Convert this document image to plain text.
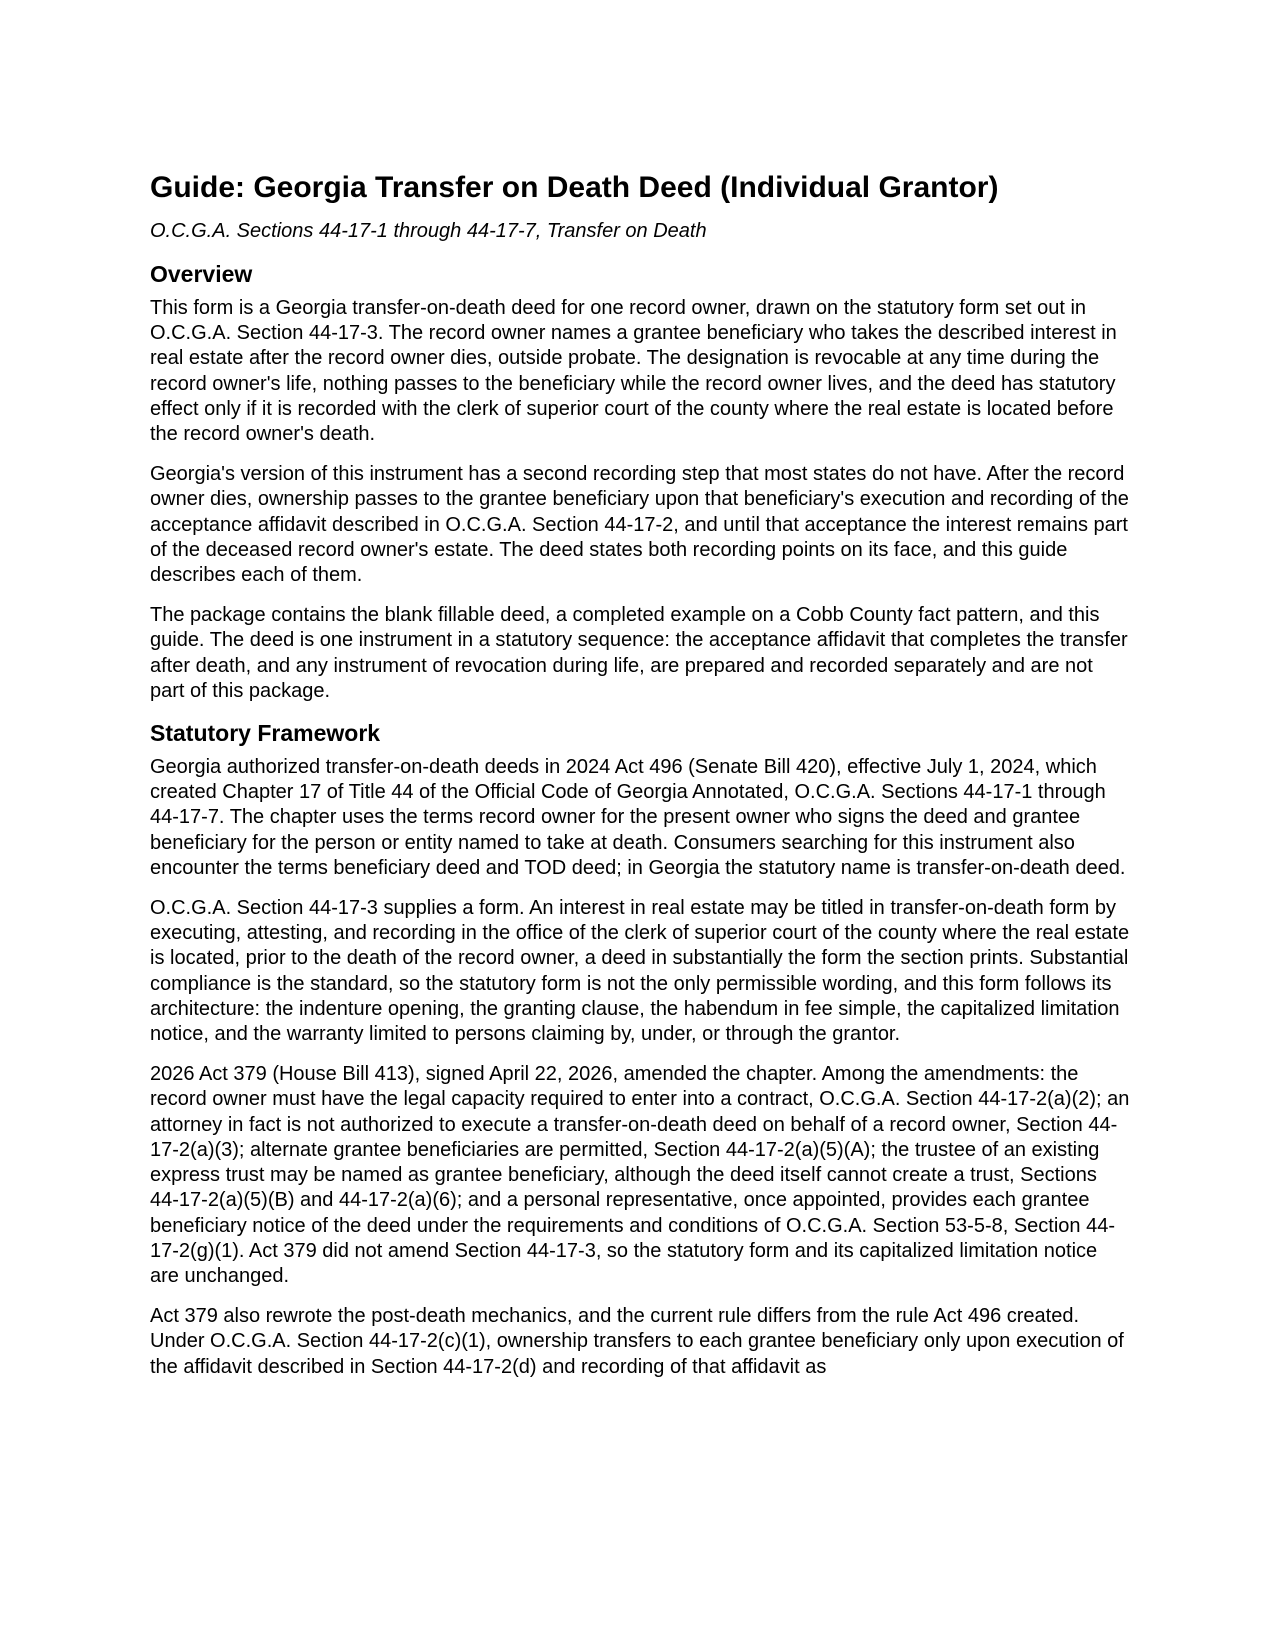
Guide: Georgia Transfer on Death Deed (Individual Grantor)
O.C.G.A. Sections 44-17-1 through 44-17-7, Transfer on Death
Overview

This form is a Georgia transfer-on-death deed for one record owner, drawn on the statutory form set out in O.C.G.A. Section 44-17-3. The record owner names a grantee beneficiary who takes the described interest in real estate after the record owner dies, outside probate. The designation is revocable at any time during the record owner's life, nothing passes to the beneficiary while the record owner lives, and the deed has statutory effect only if it is recorded with the clerk of superior court of the county where the real estate is located before the record owner's death.

Georgia's version of this instrument has a second recording step that most states do not have. After the record owner dies, ownership passes to the grantee beneficiary upon that beneficiary's execution and recording of the acceptance affidavit described in O.C.G.A. Section 44-17-2, and until that acceptance the interest remains part of the deceased record owner's estate. The deed states both recording points on its face, and this guide describes each of them.

The package contains the blank fillable deed, a completed example on a Cobb County fact pattern, and this guide. The deed is one instrument in a statutory sequence: the acceptance affidavit that completes the transfer after death, and any instrument of revocation during life, are prepared and recorded separately and are not part of this package.

Statutory Framework

Georgia authorized transfer-on-death deeds in 2024 Act 496 (Senate Bill 420), effective July 1, 2024, which created Chapter 17 of Title 44 of the Official Code of Georgia Annotated, O.C.G.A. Sections 44-17-1 through 44-17-7. The chapter uses the terms record owner for the present owner who signs the deed and grantee beneficiary for the person or entity named to take at death. Consumers searching for this instrument also encounter the terms beneficiary deed and TOD deed; in Georgia the statutory name is transfer-on-death deed.

O.C.G.A. Section 44-17-3 supplies a form. An interest in real estate may be titled in transfer-on-death form by executing, attesting, and recording in the office of the clerk of superior court of the county where the real estate is located, prior to the death of the record owner, a deed in substantially the form the section prints. Substantial compliance is the standard, so the statutory form is not the only permissible wording, and this form follows its architecture: the indenture opening, the granting clause, the habendum in fee simple, the capitalized limitation notice, and the warranty limited to persons claiming by, under, or through the grantor.

2026 Act 379 (House Bill 413), signed April 22, 2026, amended the chapter. Among the amendments: the record owner must have the legal capacity required to enter into a contract, O.C.G.A. Section 44-17-2(a)(2); an attorney in fact is not authorized to execute a transfer-on-death deed on behalf of a record owner, Section 44-17-2(a)(3); alternate grantee beneficiaries are permitted, Section 44-17-2(a)(5)(A); the trustee of an existing express trust may be named as grantee beneficiary, although the deed itself cannot create a trust, Sections 44-17-2(a)(5)(B) and 44-17-2(a)(6); and a personal representative, once appointed, provides each grantee beneficiary notice of the deed under the requirements and conditions of O.C.G.A. Section 53-5-8, Section 44-17-2(g)(1). Act 379 did not amend Section 44-17-3, so the statutory form and its capitalized limitation notice are unchanged.

Act 379 also rewrote the post-death mechanics, and the current rule differs from the rule Act 496 created. Under O.C.G.A. Section 44-17-2(c)(1), ownership transfers to each grantee beneficiary only upon execution of the affidavit described in Section 44-17-2(d) and recording of that affidavit as
